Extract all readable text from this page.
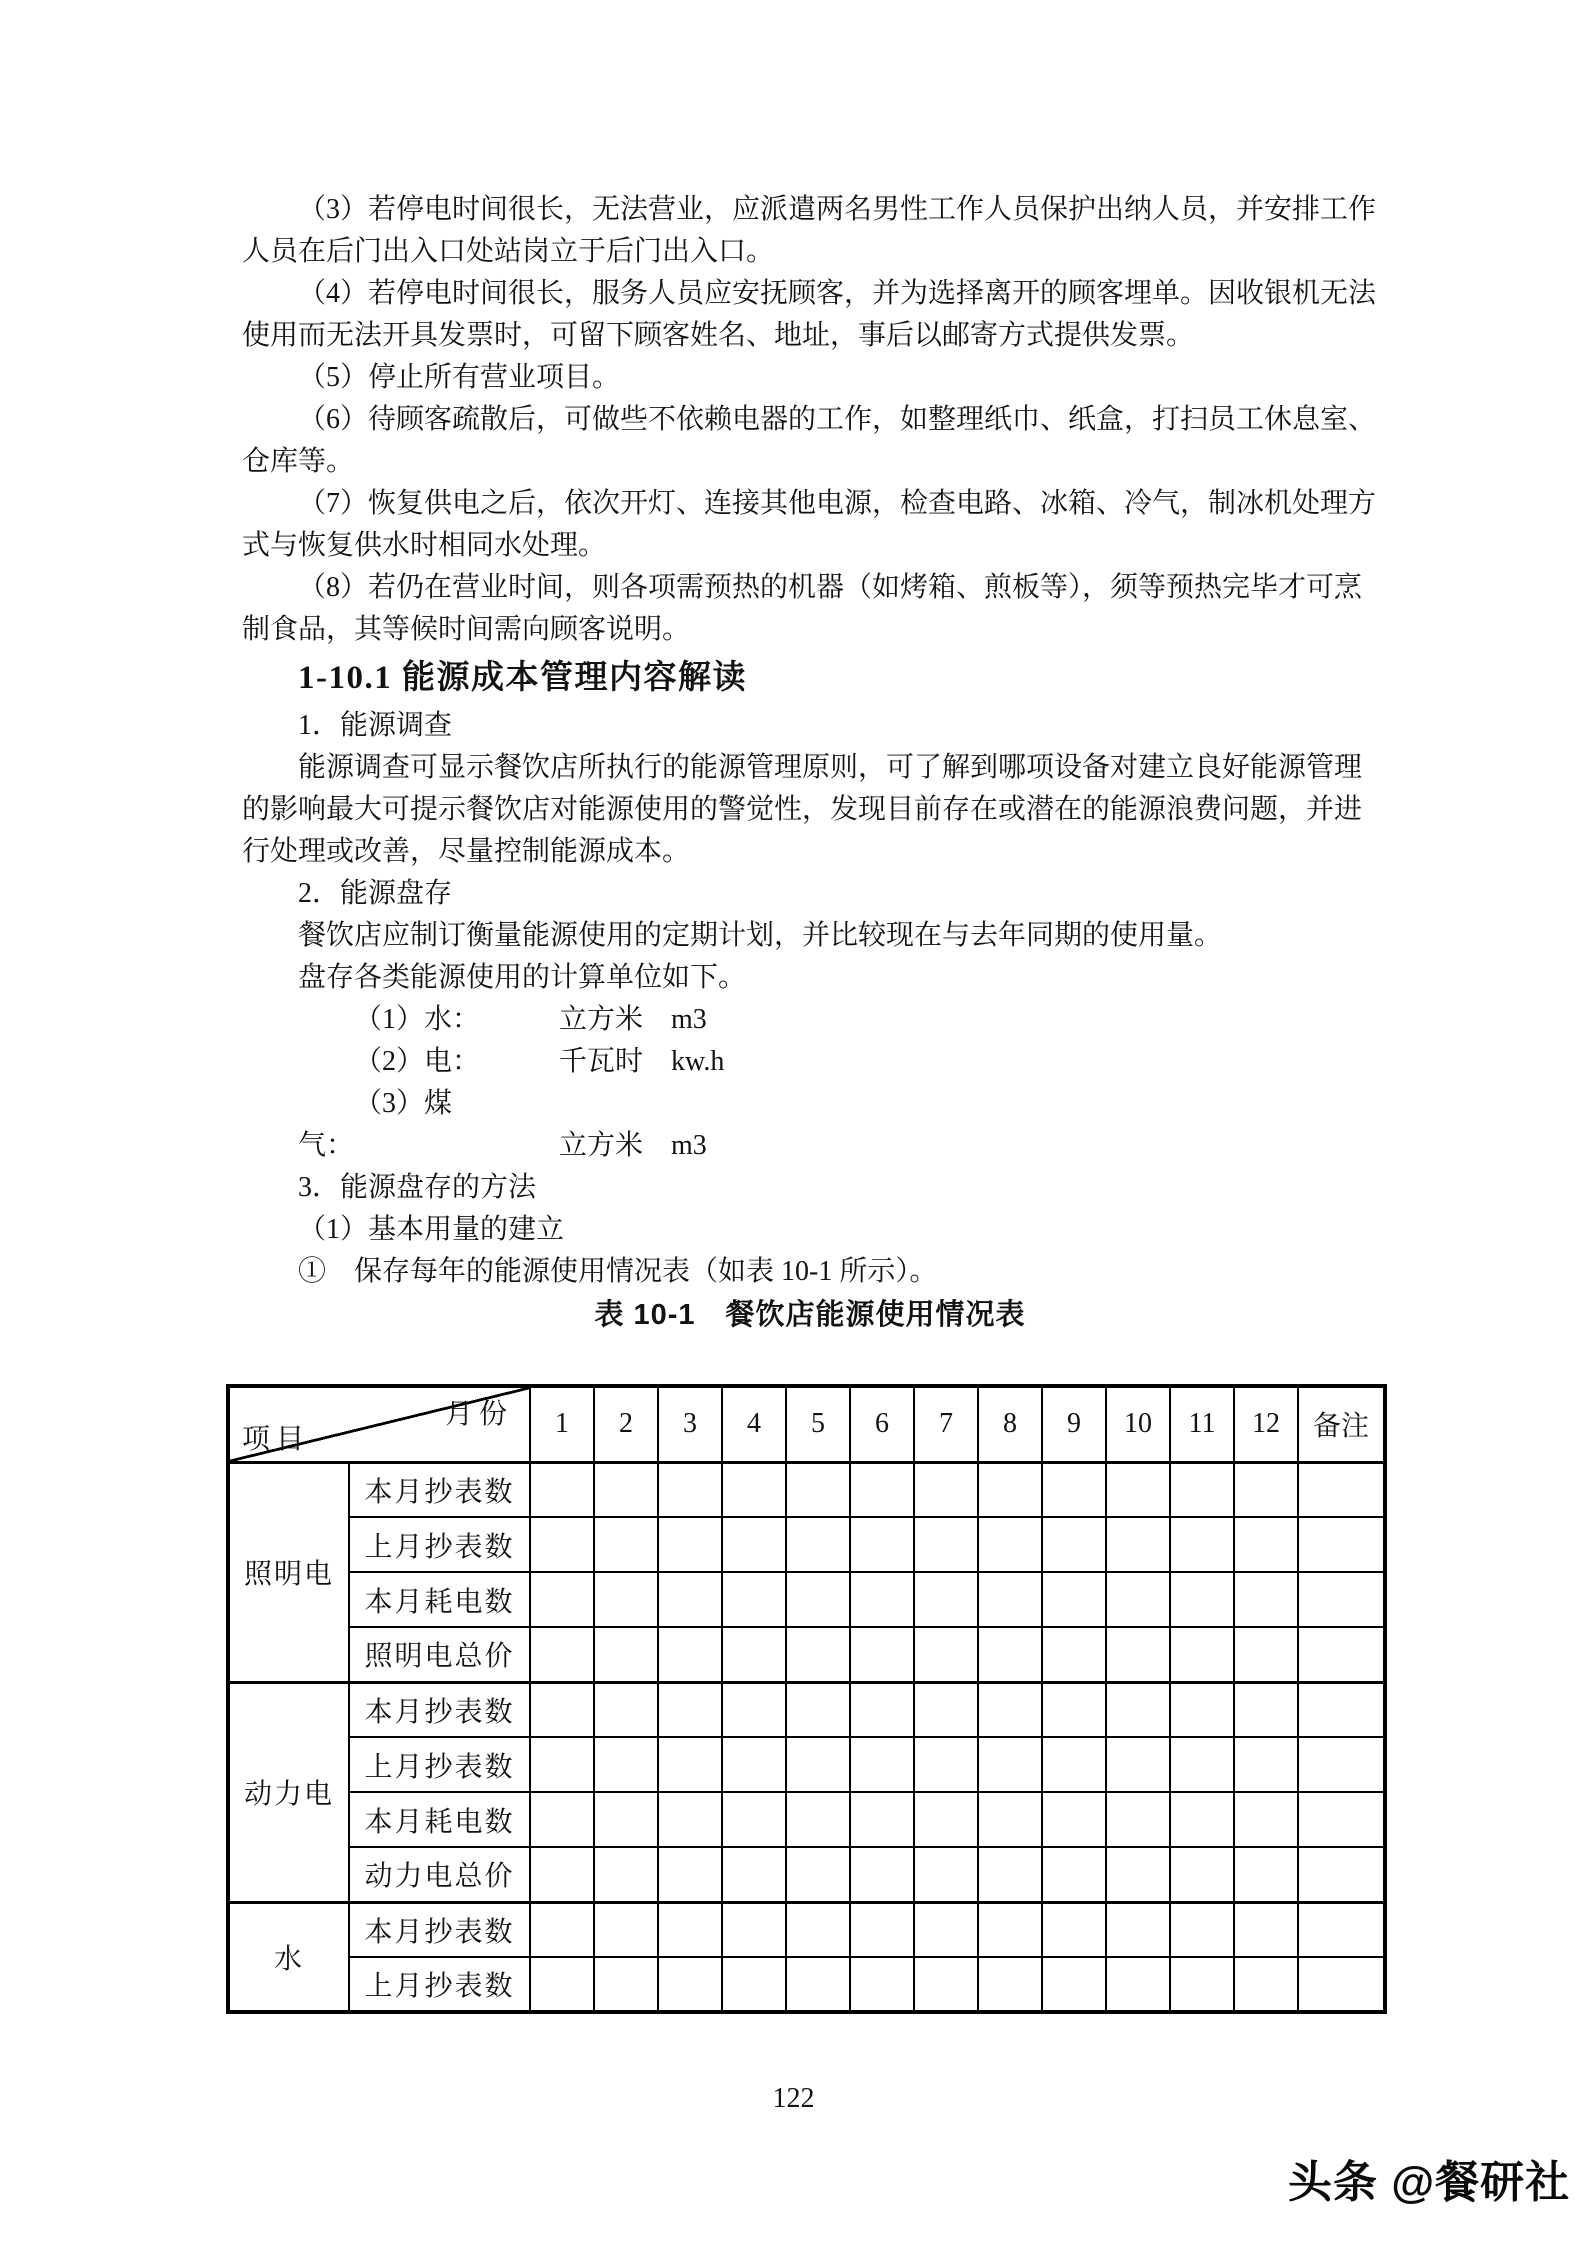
（3）若停电时间很长，无法营业，应派遣两名男性工作人员保护出纳人员，并安排工作人员在后门出入口处站岗立于后门出入口。

（4）若停电时间很长，服务人员应安抚顾客，并为选择离开的顾客埋单。因收银机无法使用而无法开具发票时，可留下顾客姓名、地址，事后以邮寄方式提供发票。

（5）停止所有营业项目。

（6）待顾客疏散后，可做些不依赖电器的工作，如整理纸巾、纸盒，打扫员工休息室、仓库等。

（7）恢复供电之后，依次开灯、连接其他电源，检查电路、冰箱、冷气，制冰机处理方式与恢复供水时相同水处理。

（8）若仍在营业时间，则各项需预热的机器（如烤箱、煎板等），须等预热完毕才可烹制食品，其等候时间需向顾客说明。

1-10.1 能源成本管理内容解读

1．能源调查

能源调查可显示餐饮店所执行的能源管理原则，可了解到哪项设备对建立良好能源管理的影响最大可提示餐饮店对能源使用的警觉性，发现目前存在或潜在的能源浪费问题，并进行处理或改善，尽量控制能源成本。

2．能源盘存

餐饮店应制订衡量能源使用的定期计划，并比较现在与去年同期的使用量。

盘存各类能源使用的计算单位如下。

（1）水：	立方米 m3

（2）电：	千瓦时 kw.h

（3）煤气：	立方米 m3

3．能源盘存的方法

（1）基本用量的建立

①　保存每年的能源使用情况表（如表 10-1 所示）。

表 10-1　餐饮店能源使用情况表

月份
项目		1	2	3	4	5	6	7	8	9	10	11	12	备注
照明电	本月抄表数													
	上月抄表数													
	本月耗电数													
	照明电总价													
动力电	本月抄表数													
	上月抄表数													
	本月耗电数													
	动力电总价													
水	本月抄表数													
	上月抄表数													
122
头条 @餐研社
